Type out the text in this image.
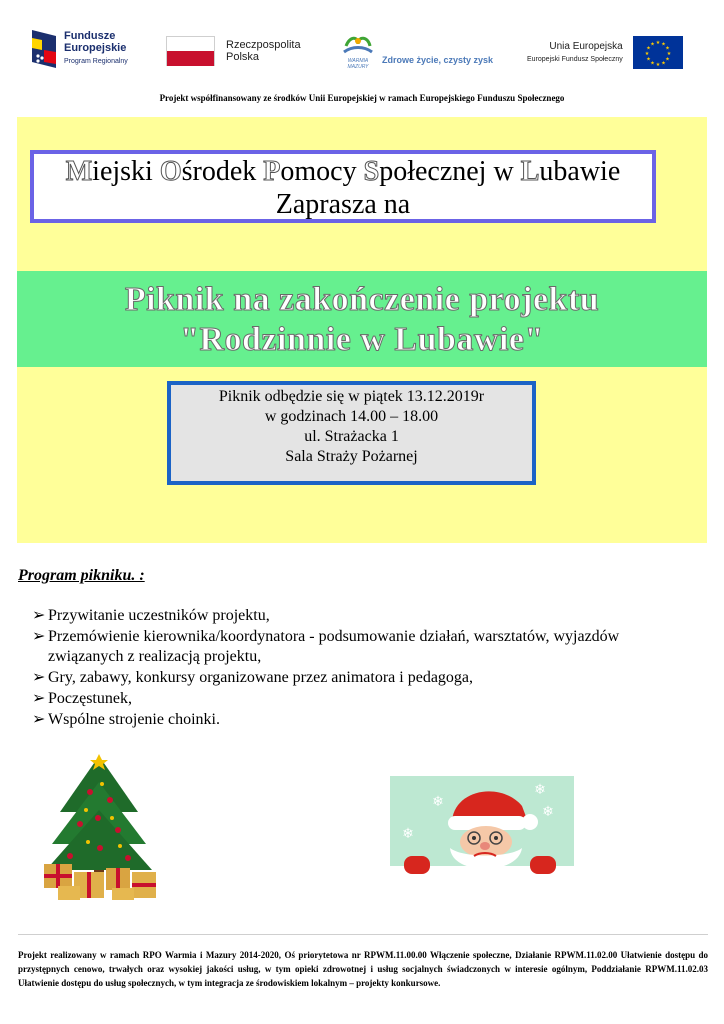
Fundusze
Europejskie
Program Regionalny
Rzeczpospolita
Polska	WARMIA
MAZURY
Zdrowe życie, czysty zysk
Unia Europejska
Europejski Fundusz Społeczny
★ ★
★
★
★
★
★
★
★
★
★
★
Projekt współfinansowany ze środków Unii Europejskiej w ramach Europejskiego Funduszu Społecznego
Miejski Ośrodek Pomocy Społecznej w Lubawie
Zaprasza na
Piknik na zakończenie projektu
"Rodzinnie w Lubawie"
Piknik odbędzie się w piątek 13.12.2019r
w godzinach 14.00 – 18.00
ul. Strażacka 1
Sala Straży Pożarnej
Program pikniku. :
➢ Przywitanie uczestników projektu,
➢ Przemówienie kierownika/koordynatora - podsumowanie działań, warsztatów, wyjazdów związanych z realizacją projektu,
➢ Gry, zabawy, konkursy organizowane przez animatora i pedagoga,
➢ Poczęstunek,
➢ Wspólne strojenie choinki.
❄
❄
❄
❄
Projekt realizowany w ramach RPO Warmia i Mazury 2014-2020, Oś priorytetowa nr RPWM.11.00.00 Włączenie społeczne, Działanie RPWM.11.02.00 Ułatwienie dostępu do przystępnych cenowo, trwałych oraz wysokiej jakości usług, w tym opieki zdrowotnej i usług socjalnych świadczonych w interesie ogólnym, Poddziałanie RPWM.11.02.03 Ułatwienie dostępu do usług społecznych, w tym integracja ze środowiskiem lokalnym – projekty konkursowe.
